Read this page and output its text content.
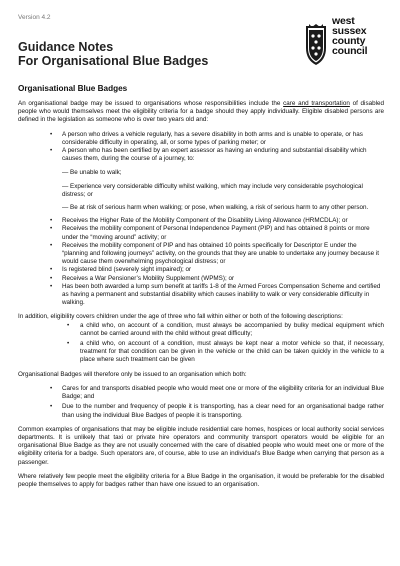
Version 4.2
Guidance Notes
For Organisational Blue Badges
west
sussex
county
council
Organisational Blue Badges

An organisational badge may be issued to organisations whose responsibilities include the care and transportation of disabled people who would themselves meet the eligibility criteria for a badge should they apply individually. Eligible disabled persons are defined in the legislation as someone who is over two years old and:

• A person who drives a vehicle regularly, has a severe disability in both arms and is unable to operate, or has considerable difficulty in operating, all, or some types of parking meter; or
• A person who has been certified by an expert assessor as having an enduring and substantial disability which causes them, during the course of a journey, to:
— Be unable to walk;
— Experience very considerable difficulty whilst walking, which may include very considerable psychological distress; or
— Be at risk of serious harm when walking; or pose, when walking, a risk of serious harm to any other person.
• Receives the Higher Rate of the Mobility Component of the Disability Living Allowance (HRMCDLA); or
• Receives the mobility component of Personal Independence Payment (PIP) and has obtained 8 points or more under the “moving around” activity; or
• Receives the mobility component of PIP and has obtained 10 points specifically for Descriptor E under the “planning and following journeys” activity, on the grounds that they are unable to undertake any journey because it would cause them overwhelming psychological distress; or
• Is registered blind (severely sight impaired); or
• Receives a War Pensioner’s Mobility Supplement (WPMS); or
• Has been both awarded a lump sum benefit at tariffs 1-8 of the Armed Forces Compensation Scheme and certified as having a permanent and substantial disability which causes inability to walk or very considerable difficulty in walking.

In addition, eligibility covers children under the age of three who fall within either or both of the following descriptions:

• a child who, on account of a condition, must always be accompanied by bulky medical equipment which cannot be carried around with the child without great difficulty;
• a child who, on account of a condition, must always be kept near a motor vehicle so that, if necessary, treatment for that condition can be given in the vehicle or the child can be taken quickly in the vehicle to a place where such treatment can be given

Organisational Badges will therefore only be issued to an organisation which both:

• Cares for and transports disabled people who would meet one or more of the eligibility criteria for an individual Blue Badge; and
• Due to the number and frequency of people it is transporting, has a clear need for an organisational badge rather than using the individual Blue Badges of people it is transporting.

Common examples of organisations that may be eligible include residential care homes, hospices or local authority social services departments. It is unlikely that taxi or private hire operators and community transport operators would be eligible for an organisational Blue Badge as they are not usually concerned with the care of disabled people who would meet one or more of the eligibility criteria for a badge. Such operators are, of course, able to use an individual’s Blue Badge when carrying that person as a passenger.

Where relatively few people meet the eligibility criteria for a Blue Badge in the organisation, it would be preferable for the disabled people themselves to apply for badges rather than have one issued to an organisation.
